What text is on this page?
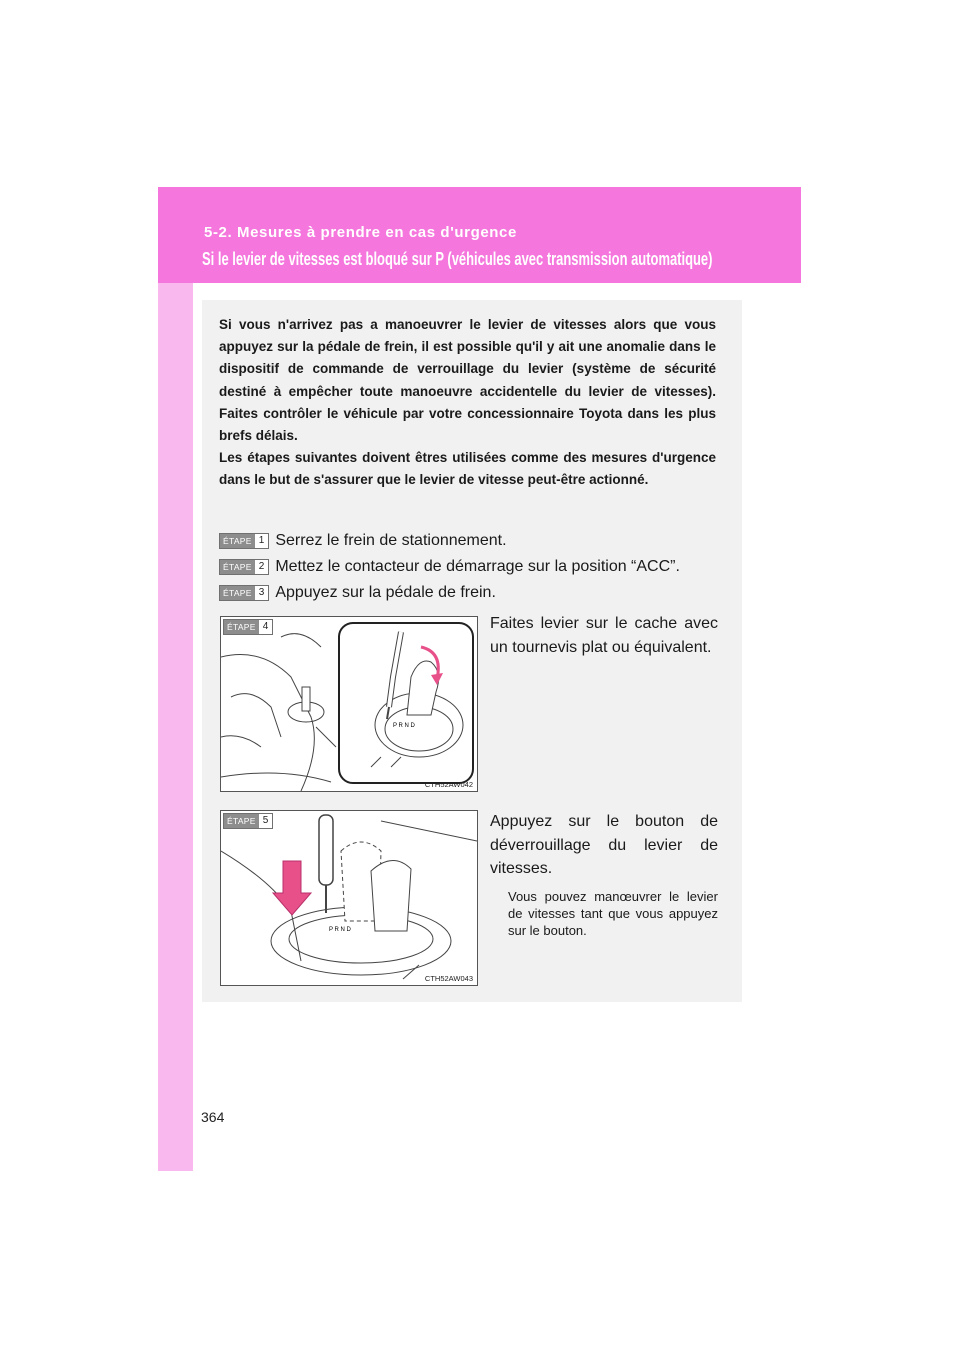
5-2. Mesures à prendre en cas d'urgence
Si le levier de vitesses est bloqué sur P (véhicules avec transmission automatique)

Si vous n'arrivez pas a manoeuvrer le levier de vitesses alors que vous appuyez sur la pédale de frein, il est possible qu'il y ait une anomalie dans le dispositif de commande de verrouillage du levier (système de sécurité destiné à empêcher toute manoeuvre accidentelle du levier de vitesses). Faites contrôler le véhicule par votre concessionnaire Toyota dans les plus brefs délais.

Les étapes suivantes doivent êtres utilisées comme des mesures d'urgence dans le but de s'assurer que le levier de vitesse peut-être actionné.

ÉTAPE 1 Serrez le frein de stationnement.
ÉTAPE 2 Mettez le contacteur de démarrage sur la position “ACC”.
ÉTAPE 3 Appuyez sur la pédale de frein.
P R N D
ÉTAPE 4
CTH52AW042
Faites levier sur le cache avec un tournevis plat ou équivalent.
P R N D
ÉTAPE 5
CTH52AW043
Appuyez sur le bouton de déverrouillage du levier de vitesses.
Vous pouvez manœuvrer le levier de vitesses tant que vous appuyez sur le bouton.
364
